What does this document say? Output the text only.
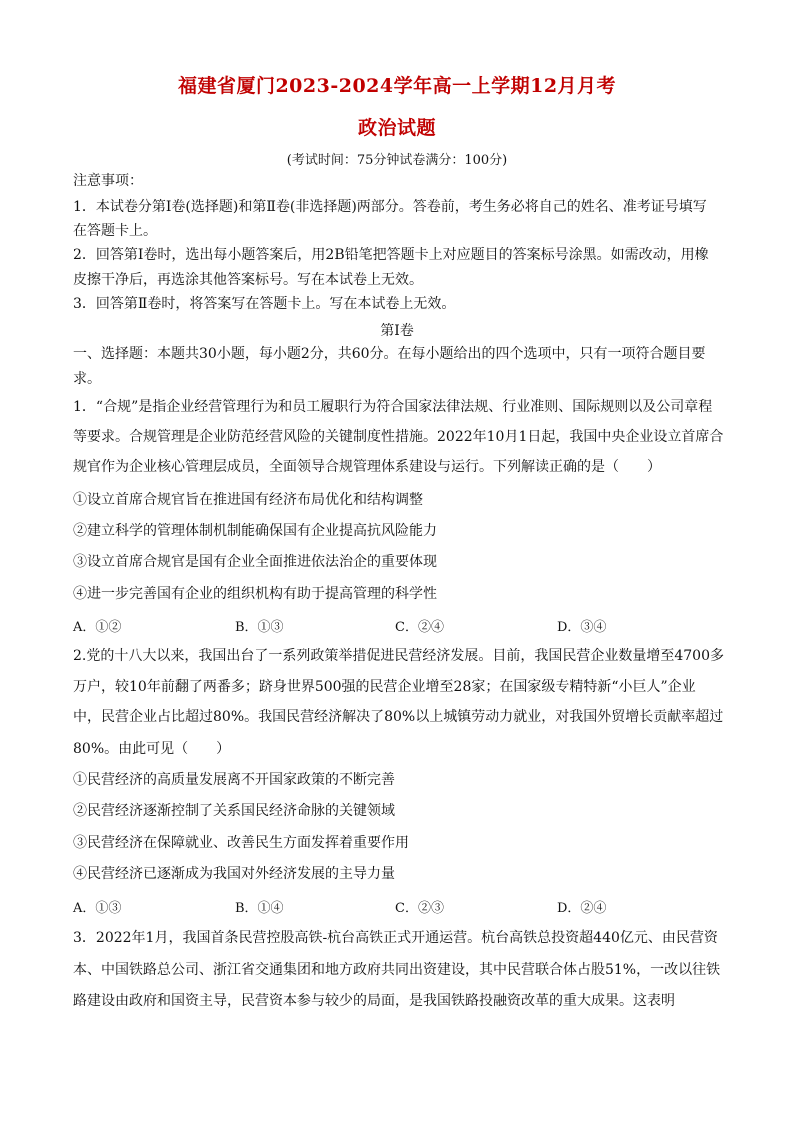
福建省厦门2023-2024学年高一上学期12月月考
政治试题
(考试时间：75分钟试卷满分：100分)
注意事项：
1．本试卷分第Ⅰ卷(选择题)和第Ⅱ卷(非选择题)两部分。答卷前，考生务必将自己的姓名、准考证号填写
在答题卡上。
2．回答第Ⅰ卷时，选出每小题答案后，用2B铅笔把答题卡上对应题目的答案标号涂黑。如需改动，用橡
皮擦干净后，再选涂其他答案标号。写在本试卷上无效。
3．回答第Ⅱ卷时，将答案写在答题卡上。写在本试卷上无效。
第Ⅰ卷
一、选择题：本题共30小题，每小题2分，共60分。在每小题给出的四个选项中，只有一项符合题目要
求。
1．“合规”是指企业经营管理行为和员工履职行为符合国家法律法规、行业准则、国际规则以及公司章程
等要求。合规管理是企业防范经营风险的关键制度性措施。2022年10月1日起，我国中央企业设立首席合
规官作为企业核心管理层成员，全面领导合规管理体系建设与运行。下列解读正确的是（　　）
①设立首席合规官旨在推进国有经济布局优化和结构调整
②建立科学的管理体制机制能确保国有企业提高抗风险能力
③设立首席合规官是国有企业全面推进依法治企的重要体现
④进一步完善国有企业的组织机构有助于提高管理的科学性
A．①②	B．①③	C．②④	D．③④
2.党的十八大以来，我国出台了一系列政策举措促进民营经济发展。目前，我国民营企业数量增至4700多
万户，较10年前翻了两番多；跻身世界500强的民营企业增至28家；在国家级专精特新“小巨人”企业
中，民营企业占比超过80%。我国民营经济解决了80%以上城镇劳动力就业，对我国外贸增长贡献率超过
80%。由此可见（　　）
①民营经济的高质量发展离不开国家政策的不断完善
②民营经济逐渐控制了关系国民经济命脉的关键领域
③民营经济在保障就业、改善民生方面发挥着重要作用
④民营经济已逐渐成为我国对外经济发展的主导力量
A．①③	B．①④	C．②③	D．②④
3．2022年1月，我国首条民营控股高铁-杭台高铁正式开通运营。杭台高铁总投资超440亿元、由民营资
本、中国铁路总公司、浙江省交通集团和地方政府共同出资建设，其中民营联合体占股51%，一改以往铁
路建设由政府和国资主导，民营资本参与较少的局面，是我国铁路投融资改革的重大成果。这表明
